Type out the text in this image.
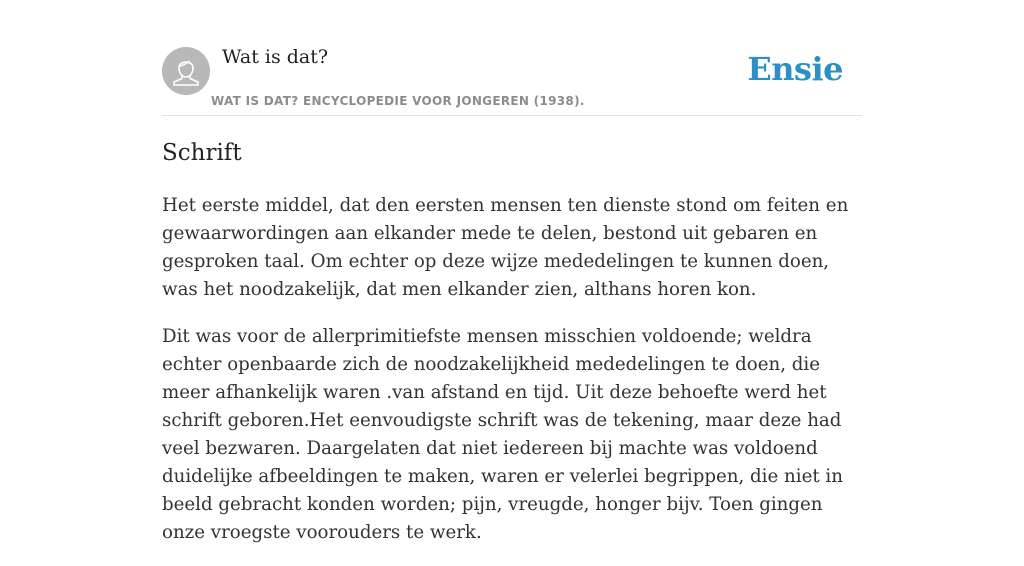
Wat is dat?
WAT IS DAT? ENCYCLOPEDIE VOOR JONGEREN (1938).
Ensie
Schrift

Het eerste middel, dat den eersten mensen ten dienste stond om feiten en gewaarwordingen aan elkander mede te delen, bestond uit gebaren en gesproken taal. Om echter op deze wijze mededelingen te kunnen doen, was het noodzakelijk, dat men elkander zien, althans horen kon.

Dit was voor de allerprimitiefste mensen misschien voldoende; weldra echter openbaarde zich de noodzakelijkheid mededelingen te doen, die meer afhankelijk waren .van afstand en tijd. Uit deze behoefte werd het schrift geboren.Het eenvoudigste schrift was de tekening, maar deze had veel bezwaren. Daargelaten dat niet iedereen bij machte was voldoend duidelijke afbeeldingen te maken, waren er velerlei begrippen, die niet in beeld gebracht konden worden; pijn, vreugde, honger bijv. Toen gingen onze vroegste voorouders te werk.
